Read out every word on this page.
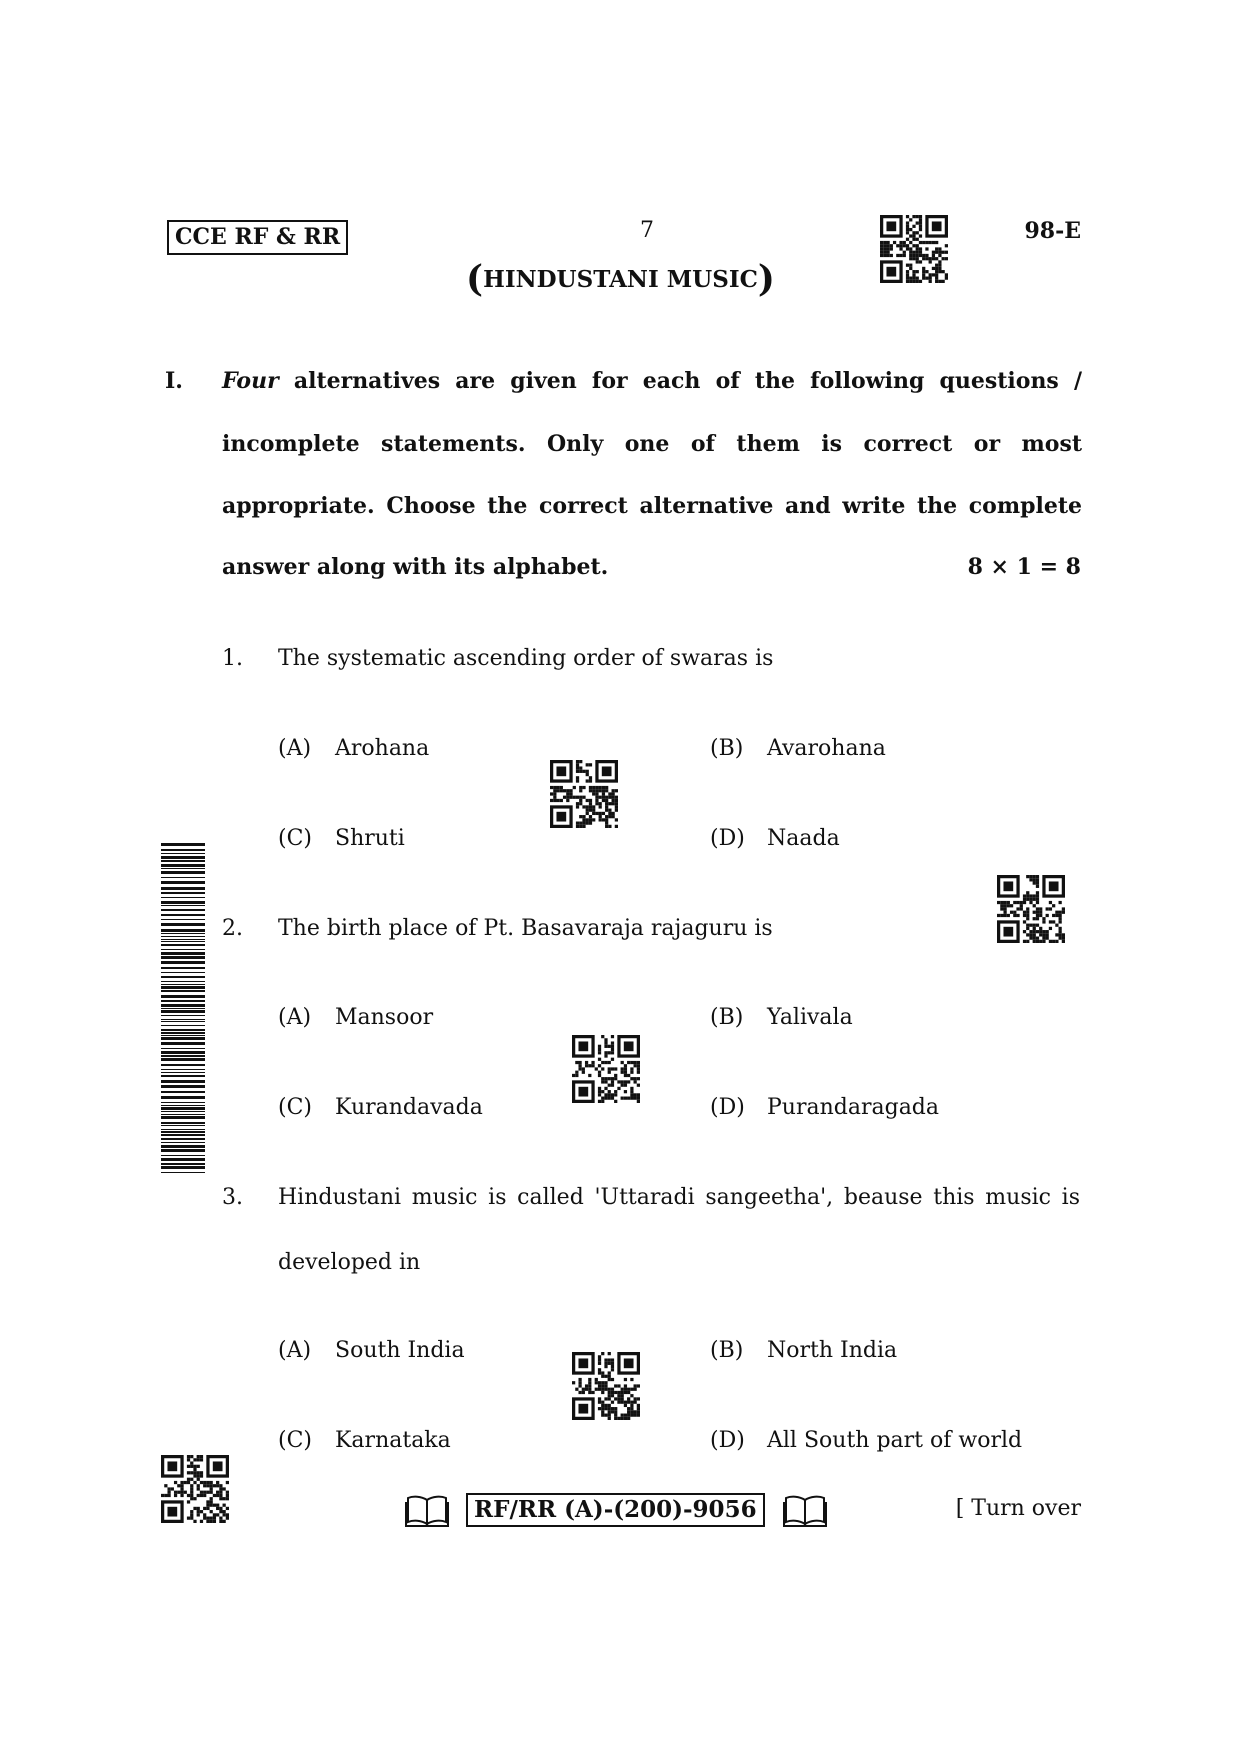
CCE RF & RR	7	98-E
(HINDUSTANI MUSIC)
I. Four alternatives are given for each of the following questions /
incomplete statements. Only one of them is correct or most
appropriate. Choose the correct alternative and write the complete
answer along with its alphabet.	8 × 1 = 8
1. The systematic ascending order of swaras is
(A) Arohana	(B) Avarohana
(C) Shruti	(D) Naada
2. The birth place of Pt. Basavaraja rajaguru is
(A) Mansoor	(B) Yalivala
(C) Kurandavada	(D) Purandaragada
3. Hindustani music is called 'Uttaradi sangeetha', beause this music is
developed in
(A) South India	(B) North India
(C) Karnataka	(D) All South part of world
RF/RR (A)-(200)-9056	[ Turn over
